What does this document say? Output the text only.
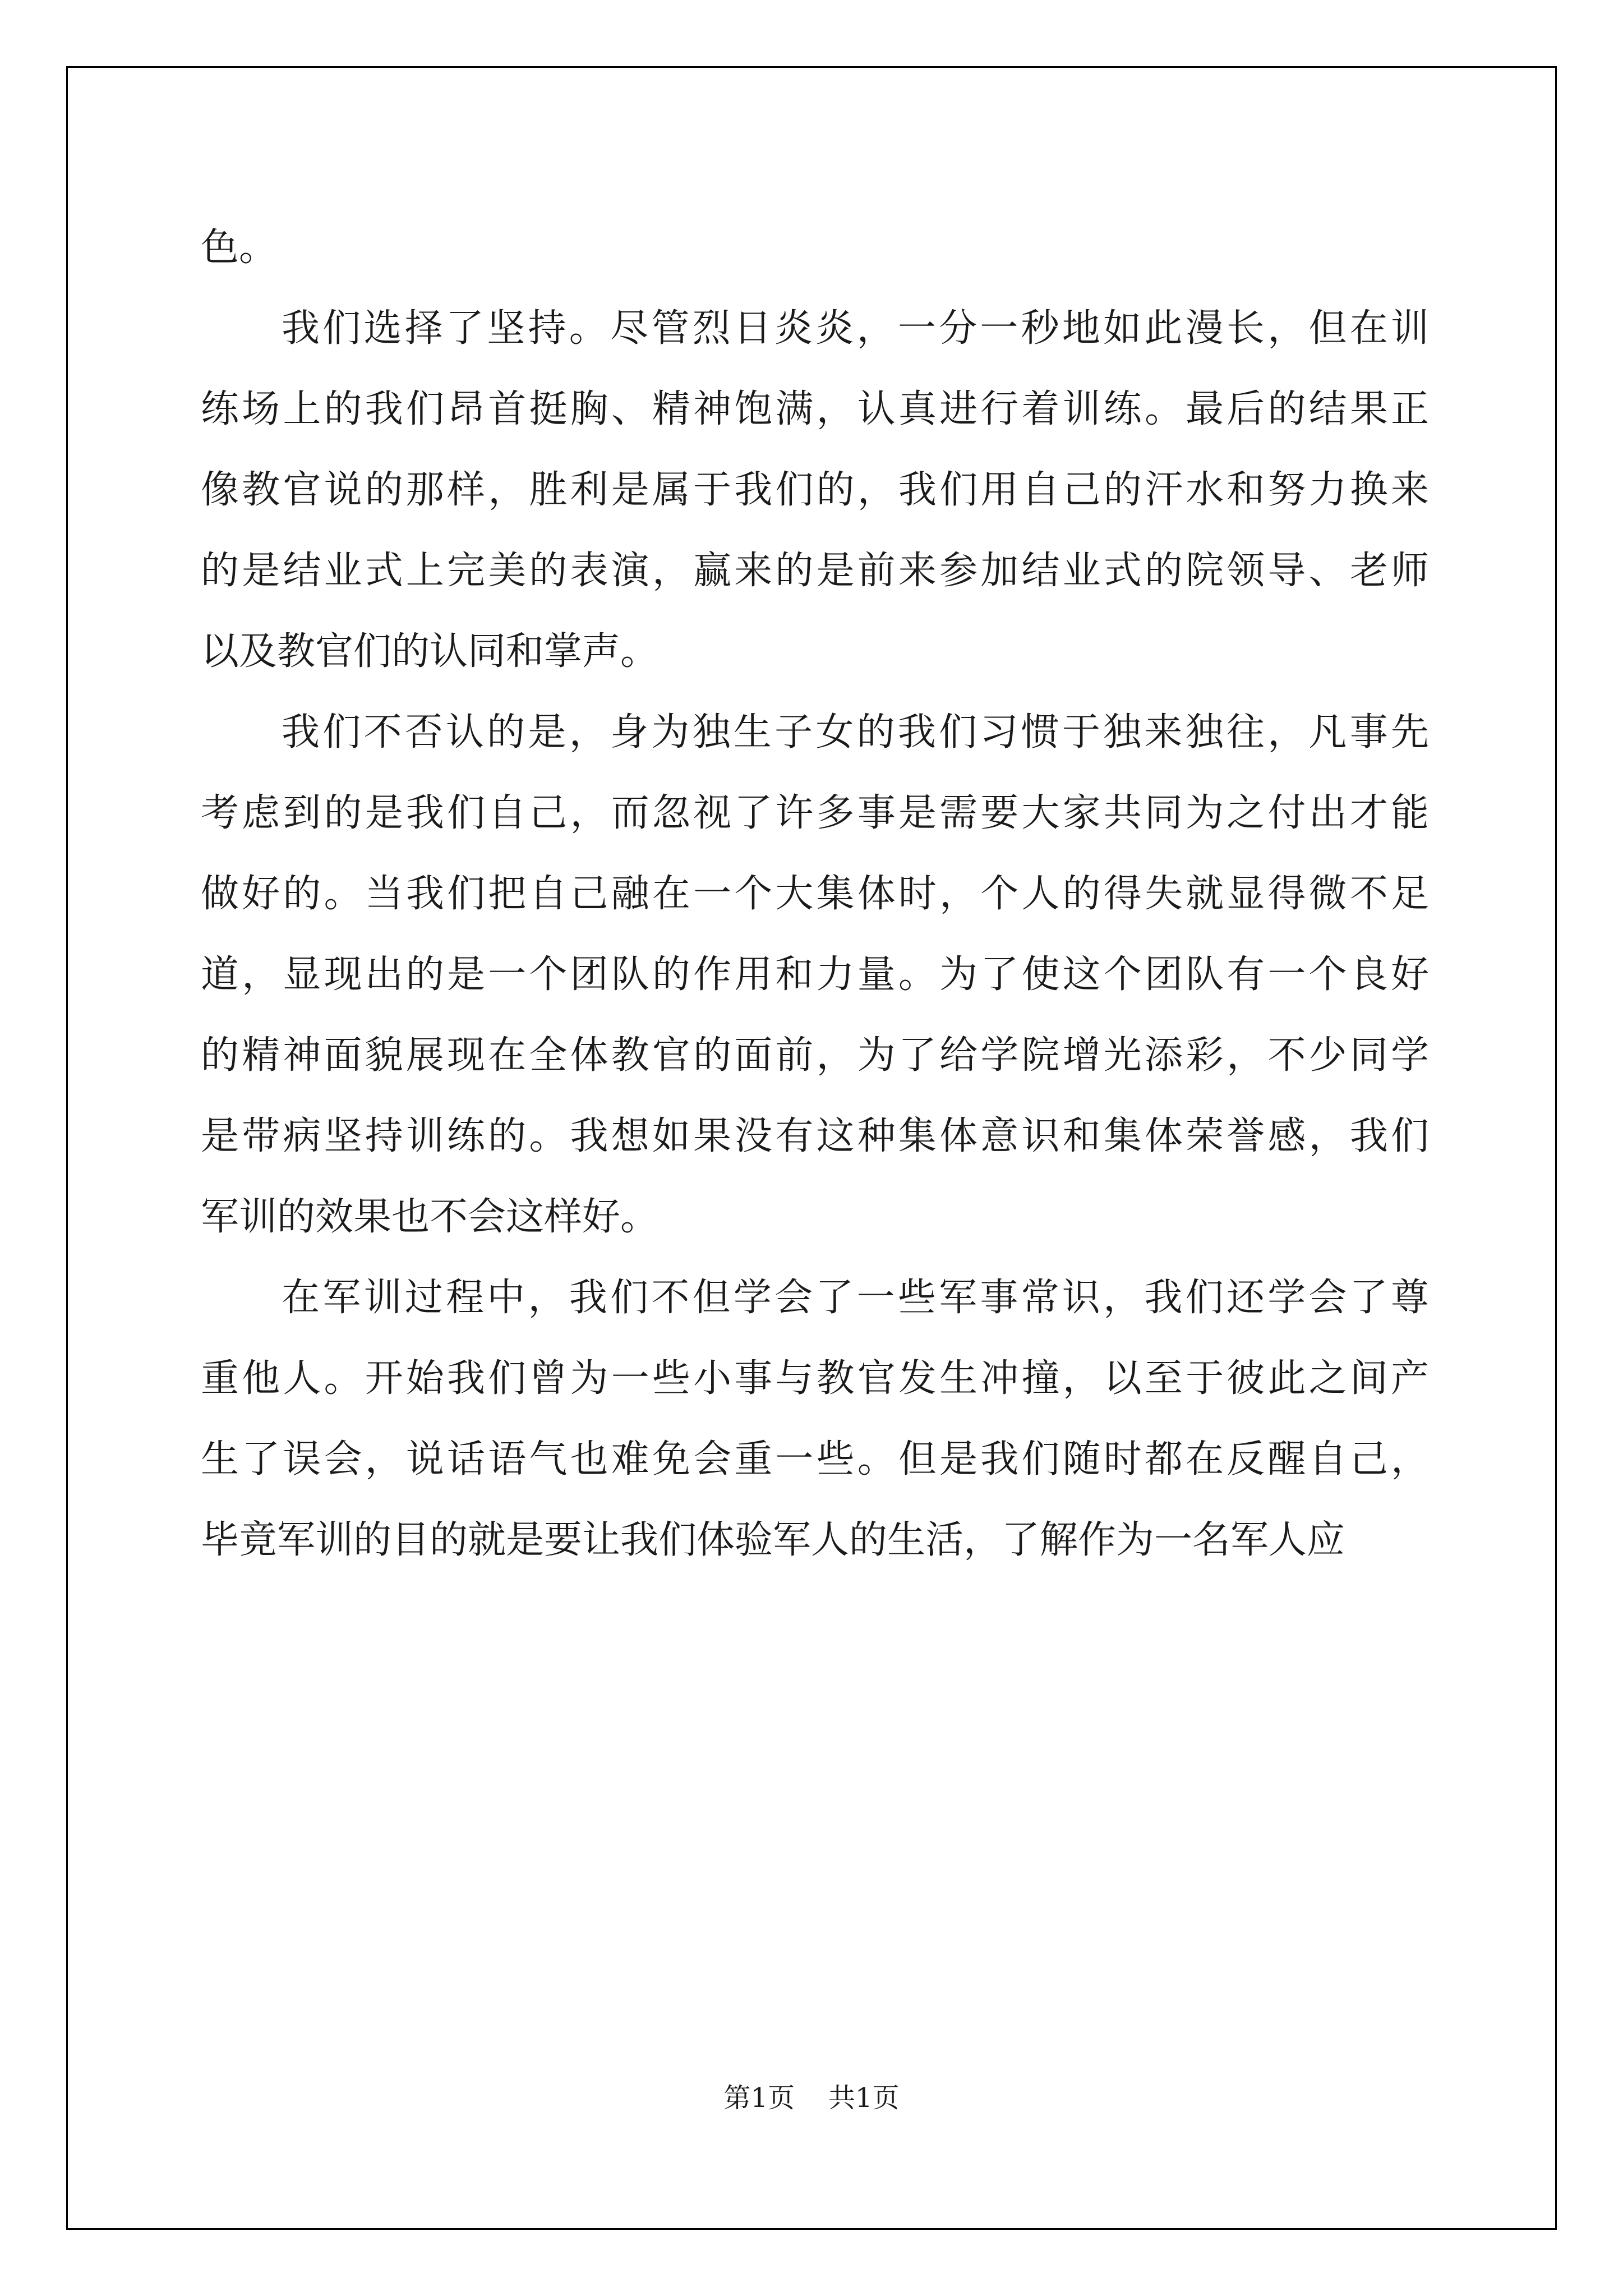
色。
我们选择了坚持。尽管烈日炎炎，一分一秒地如此漫长，但在训
练场上的我们昂首挺胸、精神饱满，认真进行着训练。最后的结果正
像教官说的那样，胜利是属于我们的，我们用自己的汗水和努力换来
的是结业式上完美的表演，赢来的是前来参加结业式的院领导、老师
以及教官们的认同和掌声。
我们不否认的是，身为独生子女的我们习惯于独来独往，凡事先
考虑到的是我们自己，而忽视了许多事是需要大家共同为之付出才能
做好的。当我们把自己融在一个大集体时，个人的得失就显得微不足
道，显现出的是一个团队的作用和力量。为了使这个团队有一个良好
的精神面貌展现在全体教官的面前，为了给学院增光添彩，不少同学
是带病坚持训练的。我想如果没有这种集体意识和集体荣誉感，我们
军训的效果也不会这样好。
在军训过程中，我们不但学会了一些军事常识，我们还学会了尊
重他人。开始我们曾为一些小事与教官发生冲撞，以至于彼此之间产
生了误会，说话语气也难免会重一些。但是我们随时都在反醒自己，
毕竟军训的目的就是要让我们体验军人的生活，了解作为一名军人应
第1页 共1页
